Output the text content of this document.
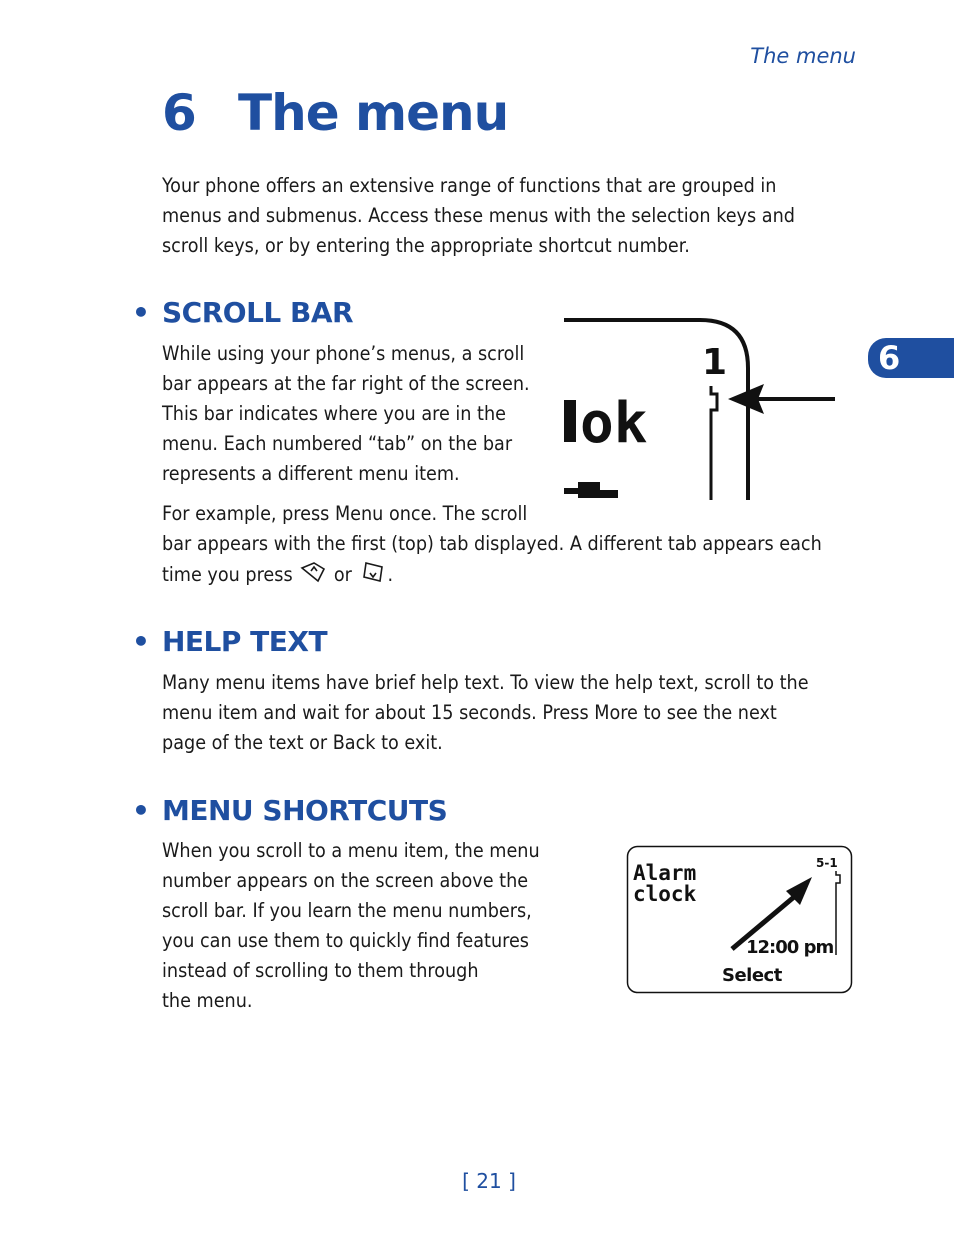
The menu
6 The menu
Your phone offers an extensive range of functions that are grouped in
menus and submenus. Access these menus with the selection keys and
scroll keys, or by entering the appropriate shortcut number.
6
• SCROLL BAR
While using your phone’s menus, a scroll
bar appears at the far right of the screen.
This bar indicates where you are in the
menu. Each numbered “tab” on the bar
represents a different menu item.
For example, press Menu once. The scroll
bar appears with the first (top) tab displayed. A different tab appears each
time you press or .
1
ok
• HELP TEXT
Many menu items have brief help text. To view the help text, scroll to the
menu item and wait for about 15 seconds. Press More to see the next
page of the text or Back to exit.
• MENU SHORTCUTS
When you scroll to a menu item, the menu
number appears on the screen above the
scroll bar. If you learn the menu numbers,
you can use them to quickly find features
instead of scrolling to them through
the menu.
Alarm
clock
5-1
12:00 pm
Select
[ 21 ]
